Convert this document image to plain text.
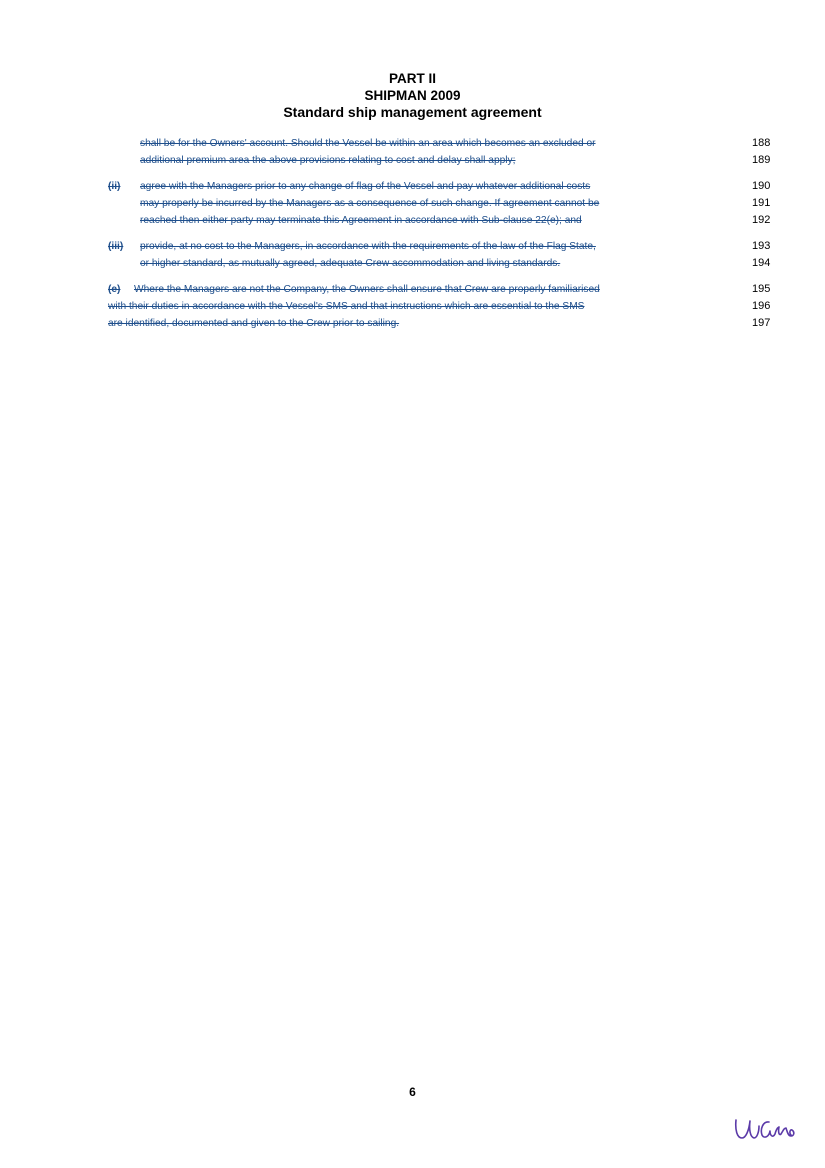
PART II
SHIPMAN 2009
Standard ship management agreement
shall be for the Owners' account. Should the Vessel be within an area which becomes an excluded or	188
additional premium area the above provisions relating to cost and delay shall apply;	189
(ii) agree with the Managers prior to any change of flag of the Vessel and pay whatever additional costs	190
may properly be incurred by the Managers as a consequence of such change. If agreement cannot be	191
reached then either party may terminate this Agreement in accordance with Sub-clause 22(e); and	192
(iii) provide, at no cost to the Managers, in accordance with the requirements of the law of the Flag State,	193
or higher standard, as mutually agreed, adequate Crew accommodation and living standards.	194
(e) Where the Managers are not the Company, the Owners shall ensure that Crew are properly familiarised	195
with their duties in accordance with the Vessel's SMS and that instructions which are essential to the SMS	196
are identified, documented and given to the Crew prior to sailing.	197
6
